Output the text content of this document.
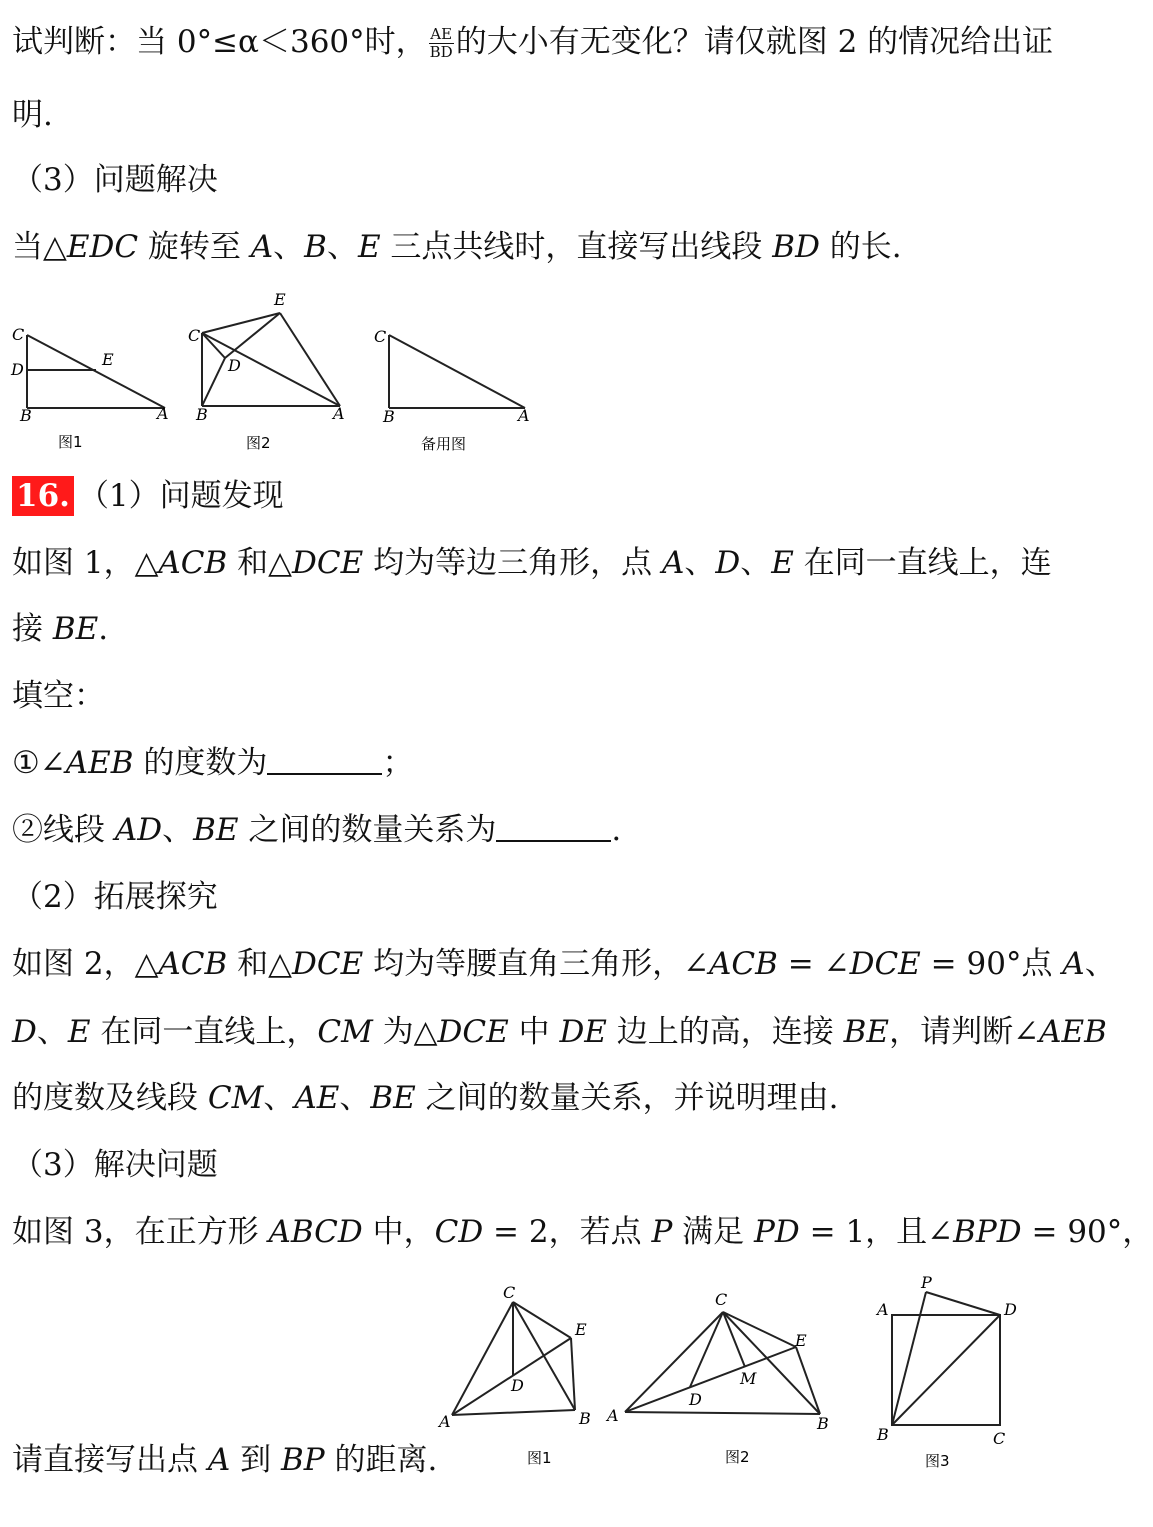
试判断：当 0°≤α＜360°时， $\frac{AE}{BD}$ 的大小有无变化？请仅就图 2 的情况给出证
明.
（3）问题解决
当△EDC 旋转至 A、B、E 三点共线时，直接写出线段 BD 的长.
C
D
E
B	A
图1
E
C
D
B	A
图2
C
B	A
备用图
16. （1）问题发现
如图 1，△ACB 和△DCE 均为等边三角形，点 A、D、E 在同一直线上，连
接 BE.
填空：
①∠AEB 的度数为	；
②线段 AD、BE 之间的数量关系为	.
（2）拓展探究
如图 2，△ACB 和△DCE 均为等腰直角三角形，∠ACB = ∠DCE = 90°点 A、
D、E 在同一直线上，CM 为△DCE 中 DE 边上的高，连接 BE，请判断∠AEB
的度数及线段 CM、AE、BE 之间的数量关系，并说明理由.
（3）解决问题
如图 3，在正方形 ABCD 中，CD = 2，若点 P 满足 PD = 1，且∠BPD = 90°，
请直接写出点 A 到 BP 的距离.
C
E
D
A	B
图1
C
E
M
D
A	B
图2
P
A	D
B	C
图3
